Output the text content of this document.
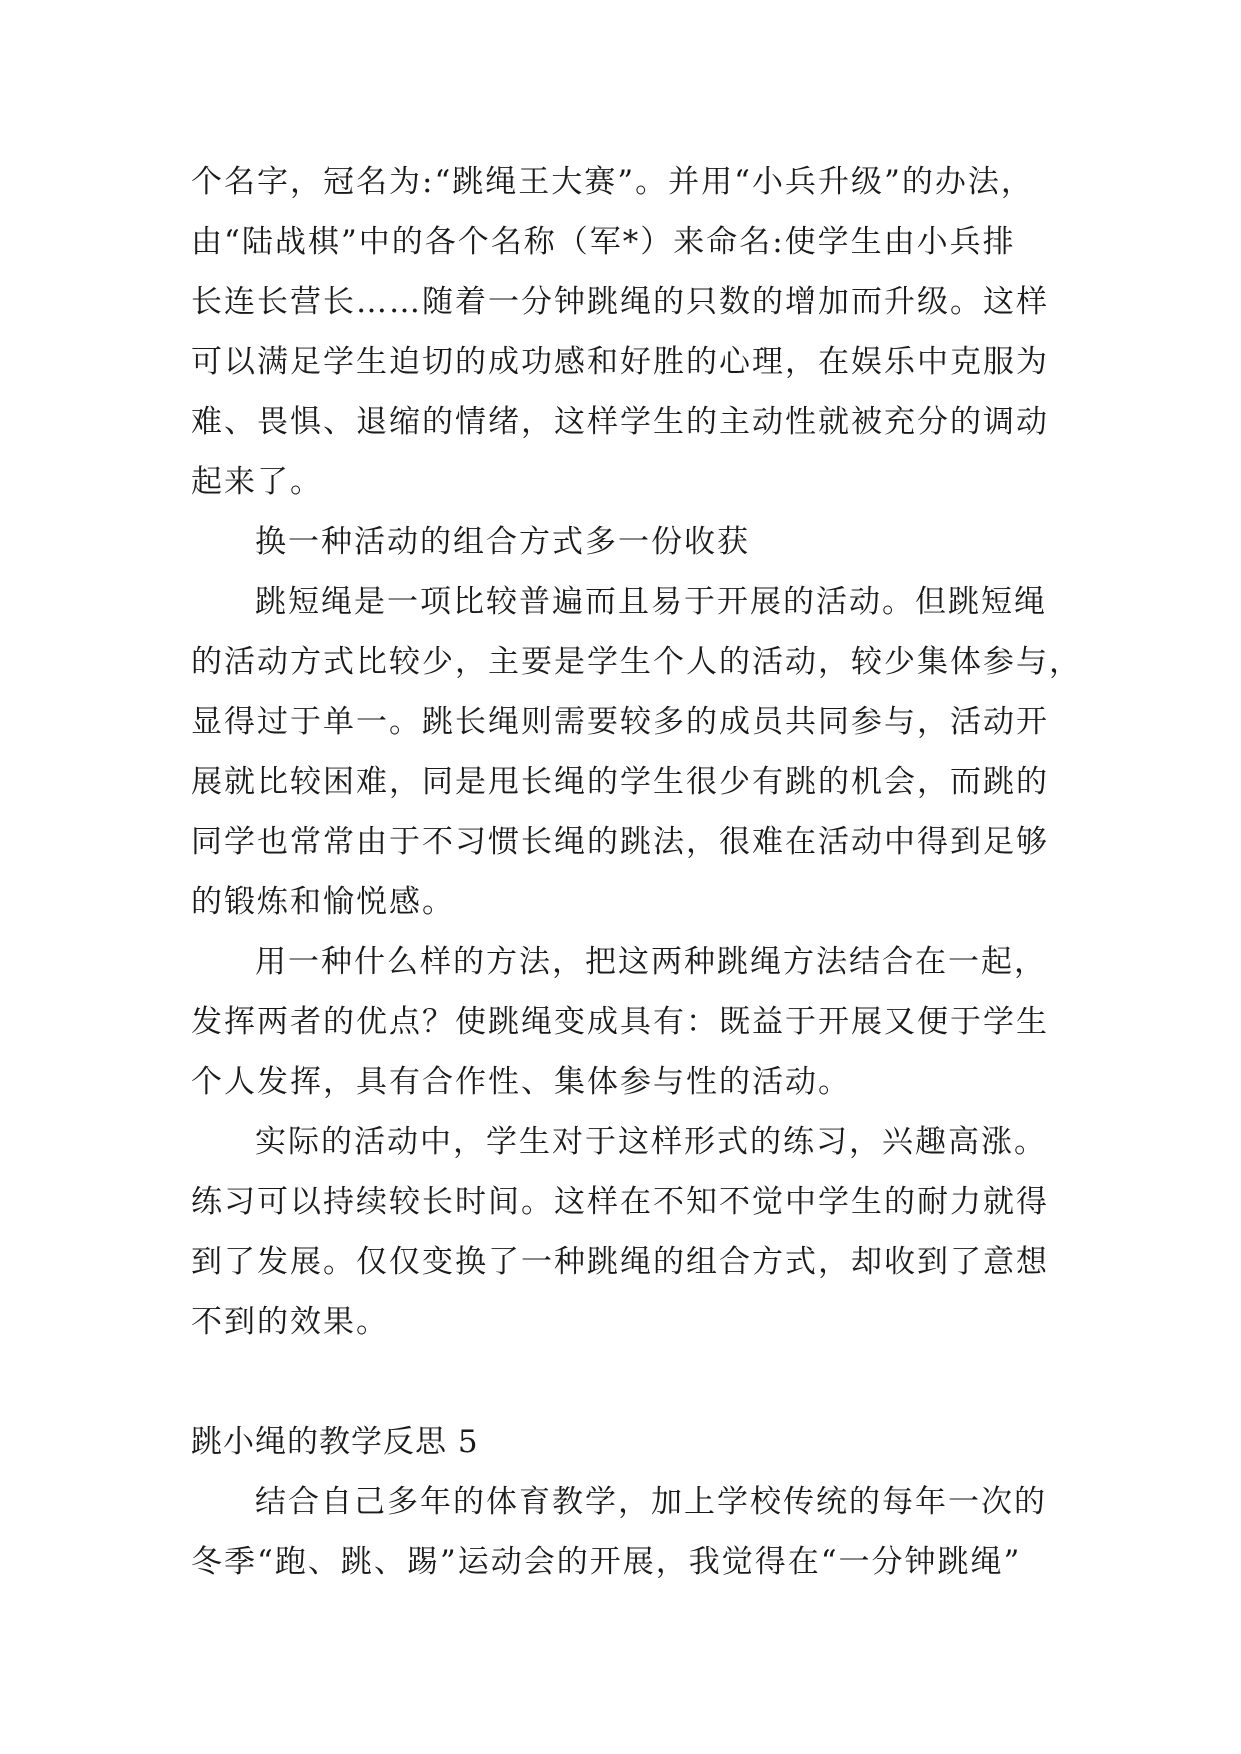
个名字，冠名为:“跳绳王大赛”。并用“小兵升级”的办法，
由“陆战棋”中的各个名称（军*）来命名:使学生由小兵排
长连长营长……随着一分钟跳绳的只数的增加而升级。这样
可以满足学生迫切的成功感和好胜的心理，在娱乐中克服为
难、畏惧、退缩的情绪，这样学生的主动性就被充分的调动
起来了。
换一种活动的组合方式多一份收获
跳短绳是一项比较普遍而且易于开展的活动。但跳短绳
的活动方式比较少，主要是学生个人的活动，较少集体参与，
显得过于单一。跳长绳则需要较多的成员共同参与，活动开
展就比较困难，同是甩长绳的学生很少有跳的机会，而跳的
同学也常常由于不习惯长绳的跳法，很难在活动中得到足够
的锻炼和愉悦感。
用一种什么样的方法，把这两种跳绳方法结合在一起，
发挥两者的优点？使跳绳变成具有：既益于开展又便于学生
个人发挥，具有合作性、集体参与性的活动。
实际的活动中，学生对于这样形式的练习，兴趣高涨。
练习可以持续较长时间。这样在不知不觉中学生的耐力就得
到了发展。仅仅变换了一种跳绳的组合方式，却收到了意想
不到的效果。
跳小绳的教学反思 5
结合自己多年的体育教学，加上学校传统的每年一次的
冬季“跑、跳、踢”运动会的开展，我觉得在“一分钟跳绳”
